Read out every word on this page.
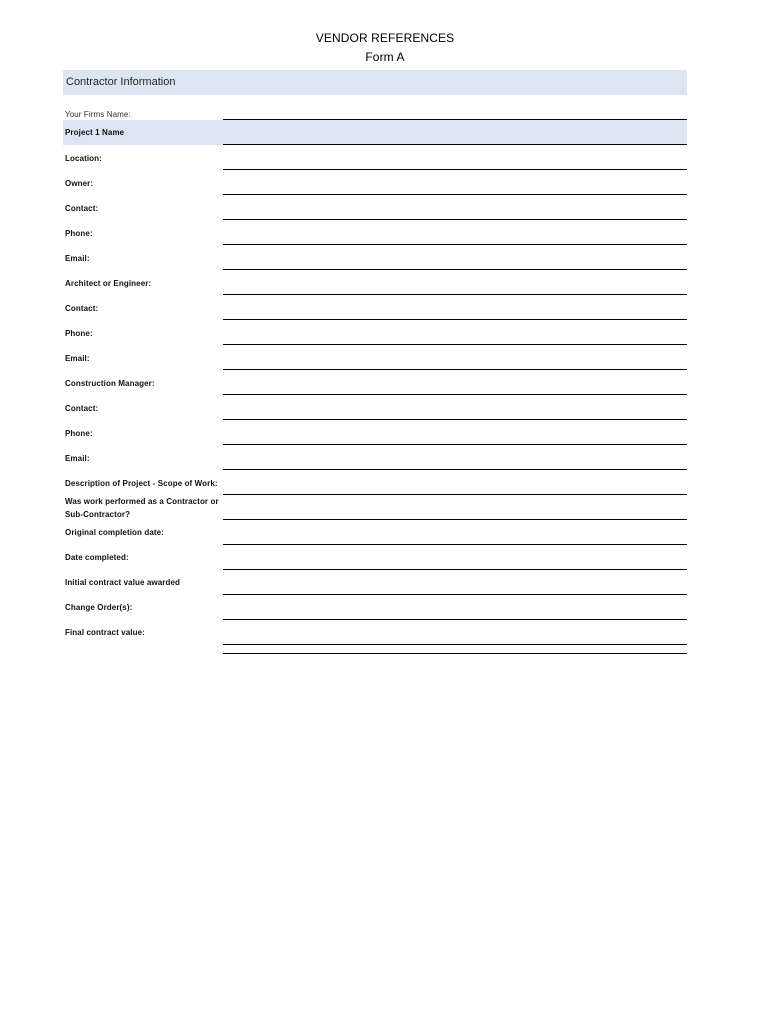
VENDOR REFERENCES
Form A
Contractor Information
Your Firms Name:
Project 1 Name
Location:
Owner:
Contact:
Phone:
Email:
Architect or Engineer:
Contact:
Phone:
Email:
Construction Manager:
Contact:
Phone:
Email:
Description of Project - Scope of Work:
Was work performed as a Contractor or
Sub-Contractor?
Original completion date:
Date completed:
Initial contract value awarded
Change Order(s):
Final contract value:
